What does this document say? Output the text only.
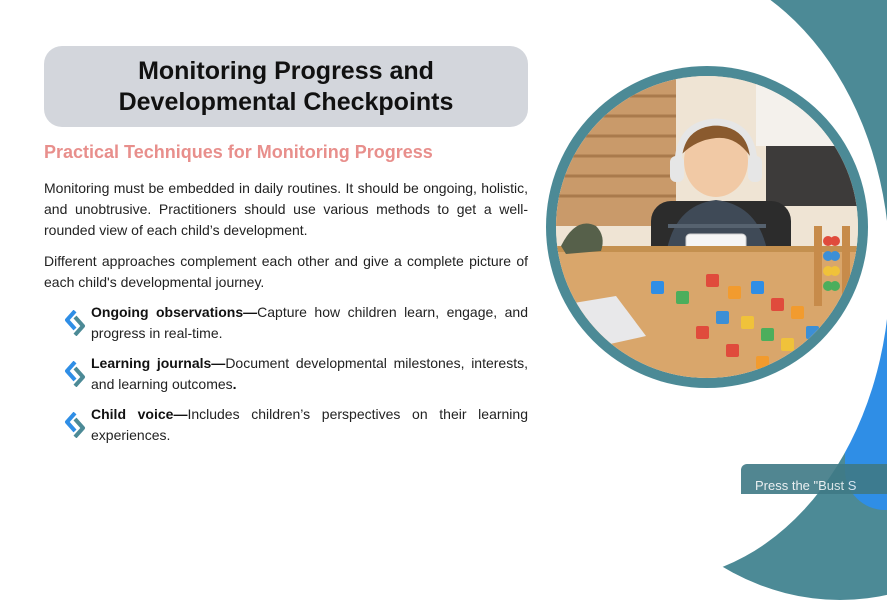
Monitoring Progress and
Developmental Checkpoints
Practical Techniques for Monitoring Progress

Monitoring must be embedded in daily routines. It should be ongoing, holistic, and unobtrusive. Practitioners should use various methods to get a well-rounded view of each child’s development.

Different approaches complement each other and give a complete picture of each child's developmental journey.

Ongoing observations—Capture how children learn, engage, and progress in real-time.
Learning journals—Document developmental milestones, interests, and learning outcomes.
Child voice—Includes children’s perspectives on their learning experiences.
Press the "Bust S
